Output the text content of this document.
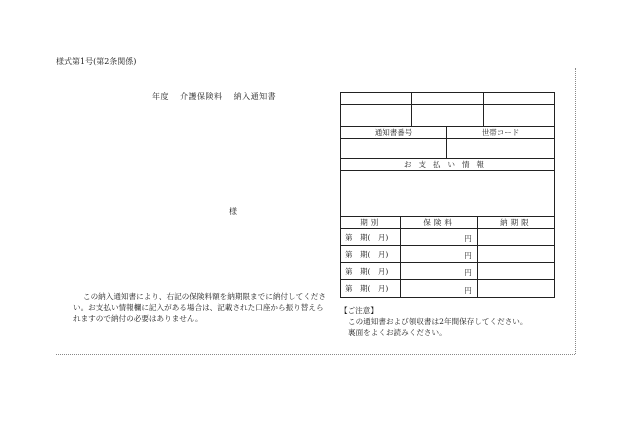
様式第1号(第2条関係)
年度 介護保険料 納入通知書
様

この納入通知書により、右記の保険料額を納期限までに納付してください。お支払い情報欄に記入がある場合は、記載された口座から振り替えられますので納付の必要はありません。

通知書番号	世帯コード
お支払い情報
期別	保険料	納期限
第　期(　月)	円
第　期(　月)	円
第　期(　月)	円
第　期(　月)	円
【ご注意】
この通知書および領収書は2年間保存してください。
裏面をよくお読みください。
